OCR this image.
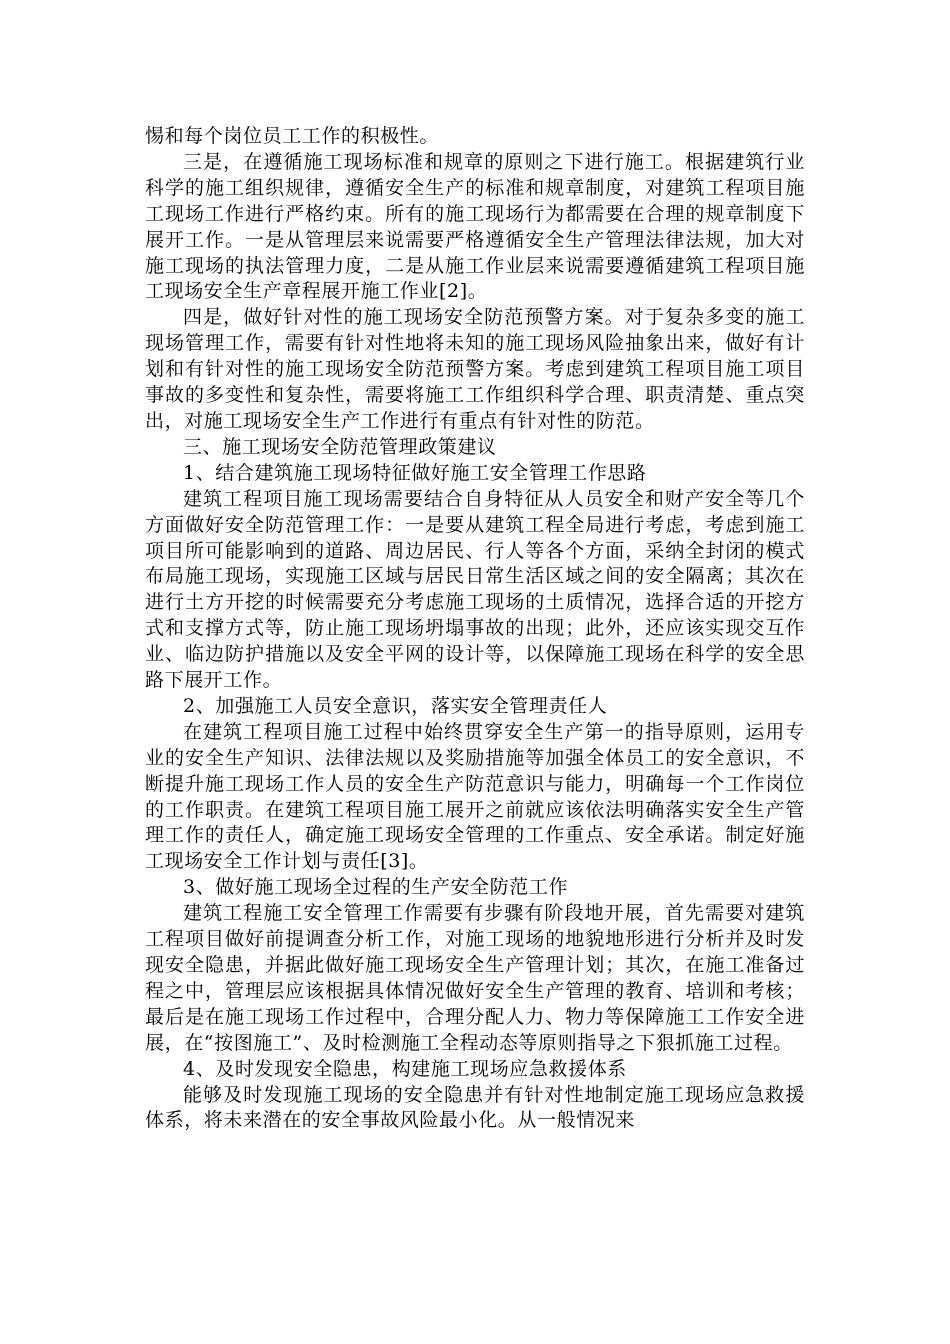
惕和每个岗位员工工作的积极性。

三是，在遵循施工现场标准和规章的原则之下进行施工。根据建筑行业科学的施工组织规律，遵循安全生产的标准和规章制度，对建筑工程项目施工现场工作进行严格约束。所有的施工现场行为都需要在合理的规章制度下展开工作。一是从管理层来说需要严格遵循安全生产管理法律法规，加大对施工现场的执法管理力度，二是从施工作业层来说需要遵循建筑工程项目施工现场安全生产章程展开施工作业[2]。

四是，做好针对性的施工现场安全防范预警方案。对于复杂多变的施工现场管理工作，需要有针对性地将未知的施工现场风险抽象出来，做好有计划和有针对性的施工现场安全防范预警方案。考虑到建筑工程项目施工项目事故的多变性和复杂性，需要将施工工作组织科学合理、职责清楚、重点突出，对施工现场安全生产工作进行有重点有针对性的防范。

三、施工现场安全防范管理政策建议

1、结合建筑施工现场特征做好施工安全管理工作思路

建筑工程项目施工现场需要结合自身特征从人员安全和财产安全等几个方面做好安全防范管理工作：一是要从建筑工程全局进行考虑，考虑到施工项目所可能影响到的道路、周边居民、行人等各个方面，采纳全封闭的模式布局施工现场，实现施工区域与居民日常生活区域之间的安全隔离；其次在进行土方开挖的时候需要充分考虑施工现场的土质情况，选择合适的开挖方式和支撑方式等，防止施工现场坍塌事故的出现；此外，还应该实现交互作业、临边防护措施以及安全平网的设计等，以保障施工现场在科学的安全思路下展开工作。

2、加强施工人员安全意识，落实安全管理责任人

在建筑工程项目施工过程中始终贯穿安全生产第一的指导原则，运用专业的安全生产知识、法律法规以及奖励措施等加强全体员工的安全意识，不断提升施工现场工作人员的安全生产防范意识与能力，明确每一个工作岗位的工作职责。在建筑工程项目施工展开之前就应该依法明确落实安全生产管理工作的责任人，确定施工现场安全管理的工作重点、安全承诺。制定好施工现场安全工作计划与责任[3]。

3、做好施工现场全过程的生产安全防范工作

建筑工程施工安全管理工作需要有步骤有阶段地开展，首先需要对建筑工程项目做好前提调查分析工作，对施工现场的地貌地形进行分析并及时发现安全隐患，并据此做好施工现场安全生产管理计划；其次，在施工准备过程之中，管理层应该根据具体情况做好安全生产管理的教育、培训和考核；最后是在施工现场工作过程中，合理分配人力、物力等保障施工工作安全进展，在“按图施工”、及时检测施工全程动态等原则指导之下狠抓施工过程。

4、及时发现安全隐患，构建施工现场应急救援体系

能够及时发现施工现场的安全隐患并有针对性地制定施工现场应急救援体系，将未来潜在的安全事故风险最小化。从一般情况来
